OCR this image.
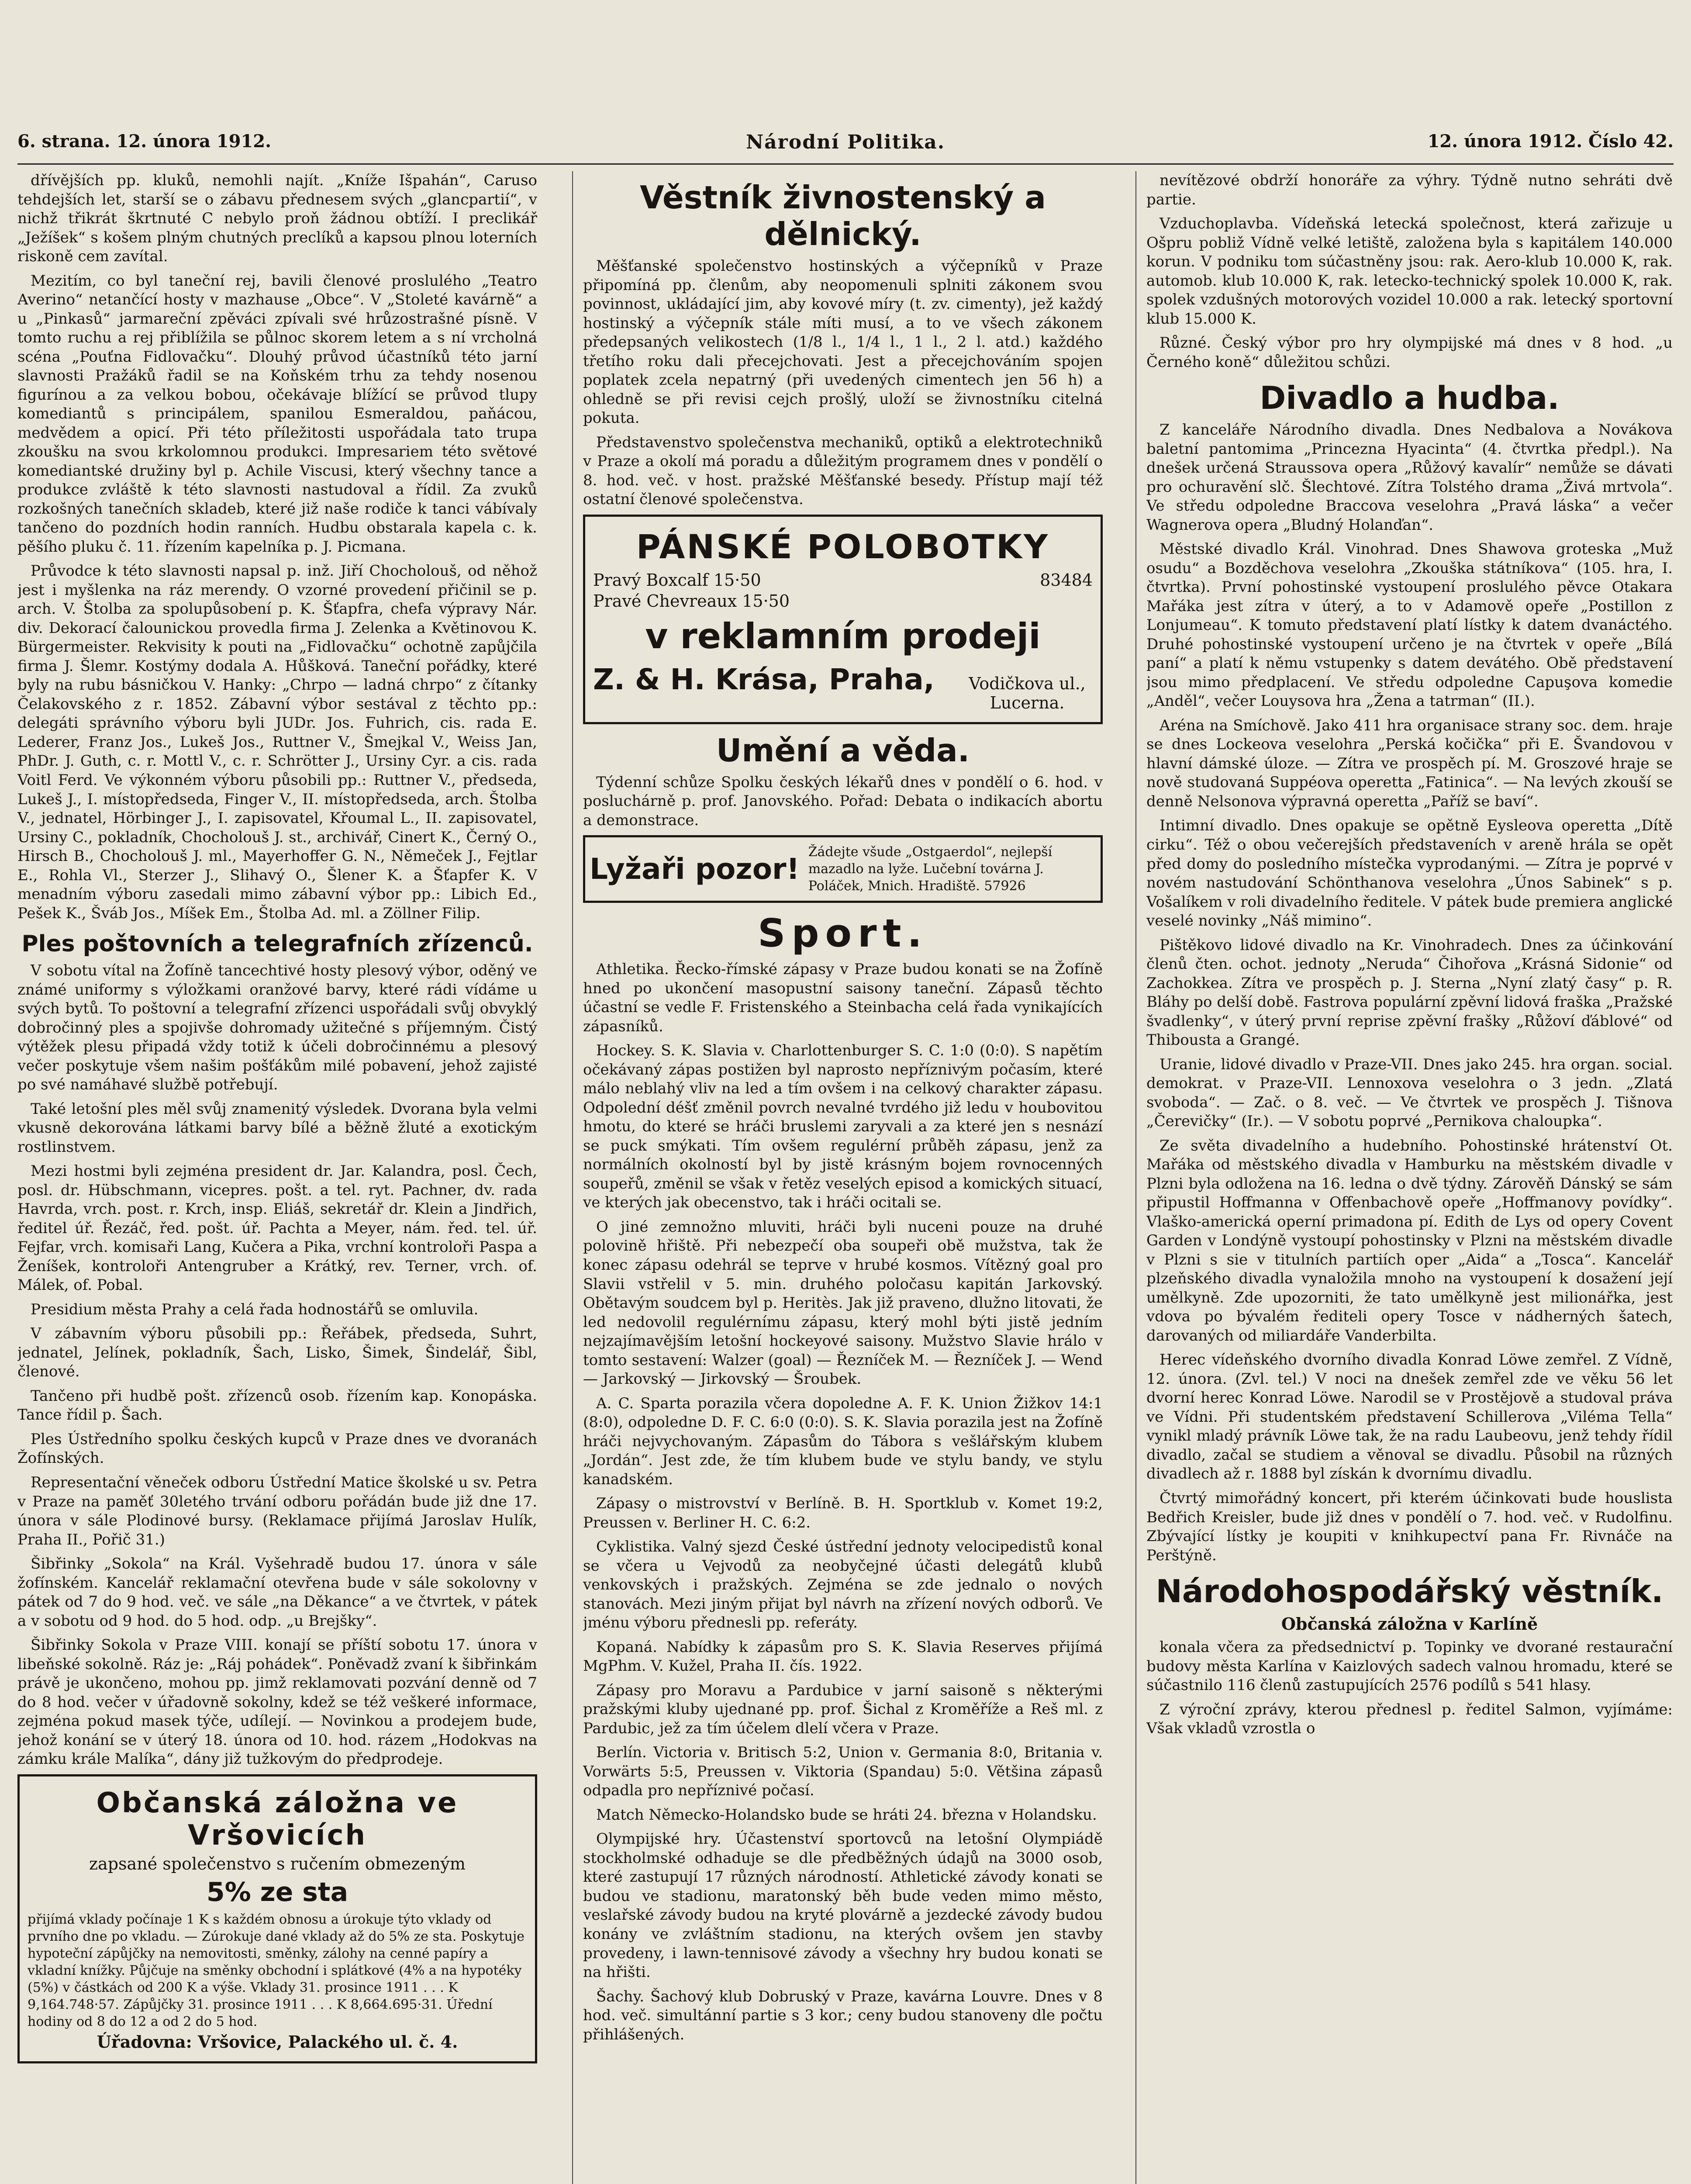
6. strana. 12. února 1912.	Národní Politika.	12. února 1912. Číslo 42.

dřívějších pp. kluků, nemohli najít. „Kníže Išpahán“, Caruso tehdejších let, starší se o zábavu přednesem svých „glancpartií“, v nichž třikrát škrtnuté C nebylo proň žádnou obtíží. I preclikář „Ježíšek“ s košem plným chutných preclíků a kapsou plnou loterních riskoně cem zavítal.

Mezitím, co byl taneční rej, bavili členové proslulého „Teatro Averino“ netančící hosty v mazhause „Obce“. V „Stoleté kavárně“ a u „Pinkasů“ jarmareční zpěváci zpívali své hrůzostrašné písně. V tomto ruchu a rej přiblížila se půlnoc skorem letem a s ní vrcholná scéna „Pouťna Fidlovačku“. Dlouhý průvod účastníků této jarní slavnosti Pražáků řadil se na Koňském trhu za tehdy nosenou figurínou a za velkou bobou, očekávaje blížící se průvod tlupy komediantů s principálem, spanilou Esmeraldou, paňácou, medvědem a opicí. Při této příležitosti uspořádala tato trupa zkoušku na svou krkolomnou produkci. Impresariem této světové komediantské družiny byl p. Achile Viscusi, který všechny tance a produkce zvláště k této slavnosti nastudoval a řídil. Za zvuků rozkošných tanečních skladeb, které již naše rodiče k tanci vábívaly tančeno do pozdních hodin ranních. Hudbu obstarala kapela c. k. pěšího pluku č. 11. řízením kapelníka p. J. Picmana.

Průvodce k této slavnosti napsal p. inž. Jiří Chocholouš, od něhož jest i myšlenka na ráz merendy. O vzorné provedení přičinil se p. arch. V. Štolba za spolupůsobení p. K. Šťapfra, chefa výpravy Nár. div. Dekorací čalounickou provedla firma J. Zelenka a Květinovou K. Bürgermeister. Rekvisity k pouti na „Fidlovačku“ ochotně zapůjčila firma J. Šlemr. Kostýmy dodala A. Hůšková. Taneční pořádky, které byly na rubu básničkou V. Hanky: „Chrpo — ladná chrpo“ z čítanky Čelakovského z r. 1852. Zábavní výbor sestával z těchto pp.: delegáti správního výboru byli JUDr. Jos. Fuhrich, cis. rada E. Lederer, Franz Jos., Lukeš Jos., Ruttner V., Šmejkal V., Weiss Jan, PhDr. J. Guth, c. r. Mottl V., c. r. Schrötter J., Ursiny Cyr. a cis. rada Voitl Ferd. Ve výkonném výboru působili pp.: Ruttner V., předseda, Lukeš J., I. místopředseda, Finger V., II. místopředseda, arch. Štolba V., jednatel, Hörbinger J., I. zapisovatel, Křoumal L., II. zapisovatel, Ursiny C., pokladník, Chocholouš J. st., archivář, Cinert K., Černý O., Hirsch B., Chocholouš J. ml., Mayerhoffer G. N., Němeček J., Fejtlar E., Rohla Vl., Sterzer J., Slihavý O., Šlener K. a Šťapfer K. V menadním výboru zasedali mimo zábavní výbor pp.: Libich Ed., Pešek K., Šváb Jos., Míšek Em., Štolba Ad. ml. a Zöllner Filip.

Ples poštovních a telegrafních zřízenců.

V sobotu vítal na Žofíně tancechtivé hosty plesový výbor, oděný ve známé uniformy s výložkami oranžové barvy, které rádi vídáme u svých bytů. To poštovní a telegrafní zřízenci uspořádali svůj obvyklý dobročinný ples a spojivše dohromady užitečné s příjemným. Čistý výtěžek plesu připadá vždy totiž k účeli dobročinnému a plesový večer poskytuje všem našim pošťákům milé pobavení, jehož zajisté po své namáhavé službě potřebují.

Také letošní ples měl svůj znamenitý výsledek. Dvorana byla velmi vkusně dekorována látkami barvy bílé a běžně žluté a exotickým rostlinstvem.

Mezi hostmi byli zejména president dr. Jar. Kalandra, posl. Čech, posl. dr. Hübschmann, vicepres. pošt. a tel. ryt. Pachner, dv. rada Havrda, vrch. post. r. Krch, insp. Eliáš, sekretář dr. Klein a Jindřich, ředitel úř. Řezáč, řed. pošt. úř. Pachta a Meyer, nám. řed. tel. úř. Fejfar, vrch. komisaři Lang, Kučera a Pika, vrchní kontroloři Paspa a Ženíšek, kontroloři Antengruber a Krátký, rev. Terner, vrch. of. Málek, of. Pobal.

Presidium města Prahy a celá řada hodnostářů se omluvila.

V zábavním výboru působili pp.: Řeřábek, předseda, Suhrt, jednatel, Jelínek, pokladník, Šach, Lisko, Šimek, Šindelář, Šibl, členové.

Tančeno při hudbě pošt. zřízenců osob. řízením kap. Konopáska. Tance řídil p. Šach.

Ples Ústředního spolku českých kupců v Praze dnes ve dvoranách Žofínských.

Representační věneček odboru Ústřední Matice školské u sv. Petra v Praze na paměť 30letého trvání odboru pořádán bude již dne 17. února v sále Plodinové bursy. (Reklamace přijímá Jaroslav Hulík, Praha II., Pořič 31.)

Šibřinky „Sokola“ na Král. Vyšehradě budou 17. února v sále žofínském. Kancelář reklamační otevřena bude v sále sokolovny v pátek od 7 do 9 hod. več. ve sále „na Děkance“ a ve čtvrtek, v pátek a v sobotu od 9 hod. do 5 hod. odp. „u Brejšky“.

Šibřinky Sokola v Praze VIII. konají se příští sobotu 17. února v libeňské sokolně. Ráz je: „Ráj pohádek“. Poněvadž zvaní k šibřinkám právě je ukončeno, mohou pp. jimž reklamovati pozvání denně od 7 do 8 hod. večer v úřadovně sokolny, kdež se též veškeré informace, zejména pokud masek týče, udílejí. — Novinkou a prodejem bude, jehož konání se v úterý 18. února od 10. hod. rázem „Hodokvas na zámku krále Malíka“, dány již tužkovým do předprodeje.

Občanská záložna ve Vršovicích
zapsané společenstvo s ručením obmezeným
5% ze sta
přijímá vklady počínaje 1 K s každém obnosu a úrokuje týto vklady od prvního dne po vkladu. — Zúrokuje dané vklady až do 5% ze sta. Poskytuje hypoteční zápůjčky na nemovitosti, směnky, zálohy na cenné papíry a vkladní knížky. Půjčuje na směnky obchodní i splátkové (4% a na hypotéky (5%) v částkách od 200 K a výše. Vklady 31. prosince 1911 . . . K 9,164.748·57. Zápůjčky 31. prosince 1911 . . . K 8,664.695·31. Úřední hodiny od 8 do 12 a od 2 do 5 hod.
Úřadovna: Vršovice, Palackého ul. č. 4.
Věstník živnostenský a dělnický.

Měšťanské společenstvo hostinských a výčepníků v Praze připomíná pp. členům, aby neopomenuli splniti zákonem svou povinnost, ukládající jim, aby kovové míry (t. zv. cimenty), jež každý hostinský a výčepník stále míti musí, a to ve všech zákonem předepsaných velikostech (1/8 l., 1/4 l., 1 l., 2 l. atd.) každého třetího roku dali přecejchovati. Jest a přecejchováním spojen poplatek zcela nepatrný (při uvedených cimentech jen 56 h) a ohledně se při revisi cejch prošlý, uloží se živnostníku citelná pokuta.

Představenstvo společenstva mechaniků, optiků a elektrotechniků v Praze a okolí má poradu a důležitým programem dnes v pondělí o 8. hod. več. v host. pražské Měšťanské besedy. Přístup mají též ostatní členové společenstva.

PÁNSKÉ POLOBOTKY
Pravý Boxcalf 15·50
Pravé Chevreaux 15·50
83484
v reklamním prodeji
Z. & H. Krása, Praha,	Vodičkova ul., Lucerna.
Umění a věda.

Týdenní schůze Spolku českých lékařů dnes v pondělí o 6. hod. v posluchárně p. prof. Janovského. Pořad: Debata o indikacích abortu a demonstrace.

Lyžaři pozor!
Žádejte všude „Ostgaerdol“, nejlepší mazadlo na lyže. Lučební továrna J. Poláček, Mnich. Hradiště. 57926
Sport.

Athletika. Řecko-římské zápasy v Praze budou konati se na Žofíně hned po ukončení masopustní saisony taneční. Zápasů těchto účastní se vedle F. Fristenského a Steinbacha celá řada vynikajících zápasníků.

Hockey. S. K. Slavia v. Charlottenburger S. C. 1:0 (0:0). S napětím očekávaný zápas postižen byl naprosto nepříznivým počasím, které málo neblahý vliv na led a tím ovšem i na celkový charakter zápasu. Odpolední déšť změnil povrch nevalné tvrdého již ledu v houbovitou hmotu, do které se hráči bruslemi zaryvali a za které jen s nesnází se puck smýkati. Tím ovšem regulérní průběh zápasu, jenž za normálních okolností byl by jistě krásným bojem rovnocenných soupeřů, změnil se však v řetěz veselých episod a komických situací, ve kterých jak obecenstvo, tak i hráči ocitali se.

O jiné zemnožno mluviti, hráči byli nuceni pouze na druhé polovině hřiště. Při nebezpečí oba soupeři obě mužstva, tak že konec zápasu odehrál se teprve v hrubé kosmos. Vítězný goal pro Slavii vstřelil v 5. min. druhého poločasu kapitán Jarkovský. Obětavým soudcem byl p. Heritès. Jak již praveno, dlužno litovati, že led nedovolil regulérnímu zápasu, který mohl býti jistě jedním nejzajímavějším letošní hockeyové saisony. Mužstvo Slavie hrálo v tomto sestavení: Walzer (goal) — Řezníček M. — Řezníček J. — Wend — Jarkovský — Jirkovský — Šroubek.

A. C. Sparta porazila včera dopoledne A. F. K. Union Žižkov 14:1 (8:0), odpoledne D. F. C. 6:0 (0:0). S. K. Slavia porazila jest na Žofíně hráči nejvychovaným. Zápasům do Tábora s vešlářským klubem „Jordán“. Jest zde, že tím klubem bude ve stylu bandy, ve stylu kanadském.

Zápasy o mistrovství v Berlíně. B. H. Sportklub v. Komet 19:2, Preussen v. Berliner H. C. 6:2.

Cyklistika. Valný sjezd České ústřední jednoty velocipedistů konal se včera u Vejvodů za neobyčejné účasti delegátů klubů venkovských i pražských. Zejména se zde jednalo o nových stanovách. Mezi jiným přijat byl návrh na zřízení nových odborů. Ve jménu výboru přednesli pp. referáty.

Kopaná. Nabídky k zápasům pro S. K. Slavia Reserves přijímá MgPhm. V. Kužel, Praha II. čís. 1922.

Zápasy pro Moravu a Pardubice v jarní saisoně s některými pražskými kluby ujednané pp. prof. Šichal z Kroměříže a Reš ml. z Pardubic, jež za tím účelem dlelí včera v Praze.

Berlín. Victoria v. Britisch 5:2, Union v. Germania 8:0, Britania v. Vorwärts 5:5, Preussen v. Viktoria (Spandau) 5:0. Většina zápasů odpadla pro nepříznivé počasí.

Match Německo-Holandsko bude se hráti 24. března v Holandsku.

Olympijské hry. Účastenství sportovců na letošní Olympiádě stockholmské odhaduje se dle předběžných údajů na 3000 osob, které zastupují 17 různých národností. Athletické závody konati se budou ve stadionu, maratonský běh bude veden mimo město, veslařské závody budou na kryté plovárně a jezdecké závody budou konány ve zvláštním stadionu, na kterých ovšem jen stavby provedeny, i lawn-tennisové závody a všechny hry budou konati se na hřišti.

Šachy. Šachový klub Dobruský v Praze, kavárna Louvre. Dnes v 8 hod. več. simultánní partie s 3 kor.; ceny budou stanoveny dle počtu přihlášených.

nevítězové obdrží honoráře za výhry. Týdně nutno sehráti dvě partie.

Vzduchoplavba. Vídeňská letecká společnost, která zařizuje u Ošpru pobliž Vídně velké letiště, založena byla s kapitálem 140.000 korun. V podniku tom súčastněny jsou: rak. Aero-klub 10.000 K, rak. automob. klub 10.000 K, rak. letecko-technický spolek 10.000 K, rak. spolek vzdušných motorových vozidel 10.000 a rak. letecký sportovní klub 15.000 K.

Různé. Český výbor pro hry olympijské má dnes v 8 hod. „u Černého koně“ důležitou schůzi.

Divadlo a hudba.

Z kanceláře Národního divadla. Dnes Nedbalova a Novákova baletní pantomima „Princezna Hyacinta“ (4. čtvrtka předpl.). Na dnešek určená Straussova opera „Růžový kavalír“ nemůže se dávati pro ochuravění slč. Šlechtové. Zítra Tolstého drama „Živá mrtvola“. Ve středu odpoledne Braccova veselohra „Pravá láska“ a večer Wagnerova opera „Bludný Holanďan“.

Městské divadlo Král. Vinohrad. Dnes Shawova groteska „Muž osudu“ a Bozděchova veselohra „Zkouška státníkova“ (105. hra, I. čtvrtka). První pohostinské vystoupení proslulého pěvce Otakara Mařáka jest zítra v úterý, a to v Adamově opeře „Postillon z Lonjumeau“. K tomuto představení platí lístky k datem dvanáctého. Druhé pohostinské vystoupení určeno je na čtvrtek v opeře „Bílá paní“ a platí k němu vstupenky s datem devátého. Obě představení jsou mimo předplacení. Ve středu odpoledne Capuşova komedie „Anděl“, večer Louysova hra „Žena a tatrman“ (II.).

Aréna na Smíchově. Jako 411 hra organisace strany soc. dem. hraje se dnes Lockeova veselohra „Perská kočička“ při E. Švandovou v hlavní dámské úloze. — Zítra ve prospěch pí. M. Groszové hraje se nově studovaná Suppéova operetta „Fatinica“. — Na levých zkouší se denně Nelsonova výpravná operetta „Paříž se baví“.

Intimní divadlo. Dnes opakuje se opětně Eysleova operetta „Dítě cirku“. Též o obou večerejších představeních v areně hrála se opět před domy do posledního místečka vyprodanými. — Zítra je poprvé v novém nastudování Schönthanova veselohra „Únos Sabinek“ s p. Vošalíkem v roli divadelního ředitele. V pátek bude premiera anglické veselé novinky „Náš mimino“.

Pištěkovo lidové divadlo na Kr. Vinohradech. Dnes za účinkování členů čten. ochot. jednoty „Neruda“ Čihořova „Krásná Sidonie“ od Zachokkea. Zítra ve prospěch p. J. Sterna „Nyní zlatý časy“ p. R. Bláhy po delší době. Fastrova populární zpěvní lidová fraška „Pražské švadlenky“, v úterý první reprise zpěvní frašky „Růžoví ďáblové“ od Thibousta a Grangé.

Uranie, lidové divadlo v Praze-VII. Dnes jako 245. hra organ. social. demokrat. v Praze-VII. Lennoxova veselohra o 3 jedn. „Zlatá svoboda“. — Zač. o 8. več. — Ve čtvrtek ve prospěch J. Tišnova „Čerevičky“ (Ir.). — V sobotu poprvé „Pernikova chaloupka“.

Ze světa divadelního a hudebního. Pohostinské hrátenství Ot. Mařáka od městského divadla v Hamburku na městském divadle v Plzni byla odložena na 16. ledna o dvě týdny. Zárověň Dánský se sám připustil Hoffmanna v Offenbachově opeře „Hoffmanovy povídky“. Vlaško-americká operní primadona pí. Edith de Lys od opery Covent Garden v Londýně vystoupí pohostinsky v Plzni na městském divadle v Plzni s sie v titulních partiích oper „Aida“ a „Tosca“. Kancelář plzeňského divadla vynaložila mnoho na vystoupení k dosažení její umělkyně. Zde upozorniti, že tato umělkyně jest milionářka, jest vdova po bývalém řediteli opery Tosce v nádherných šatech, darovaných od miliardáře Vanderbilta.

Herec vídeňského dvorního divadla Konrad Löwe zemřel. Z Vídně, 12. února. (Zvl. tel.) V noci na dnešek zemřel zde ve věku 56 let dvorní herec Konrad Löwe. Narodil se v Prostějově a studoval práva ve Vídni. Při studentském představení Schillerova „Viléma Tella“ vynikl mladý právník Löwe tak, že na radu Laubeovu, jenž tehdy řídil divadlo, začal se studiem a věnoval se divadlu. Působil na různých divadlech až r. 1888 byl získán k dvornímu divadlu.

Čtvrtý mimořádný koncert, při kterém účinkovati bude houslista Bedřich Kreisler, bude již dnes v pondělí o 7. hod. več. v Rudolfinu. Zbývající lístky je koupiti v knihkupectví pana Fr. Rivnáče na Perštýně.

Národohospodářský věstník.
Občanská záložna v Karlíně

konala včera za předsednictví p. Topinky ve dvorané restaurační budovy města Karlína v Kaizlových sadech valnou hromadu, které se súčastnilo 116 členů zastupujících 2576 podílů s 541 hlasy.

Z výroční zprávy, kterou přednesl p. ředitel Salmon, vyjímáme: Však vkladů vzrostla o
